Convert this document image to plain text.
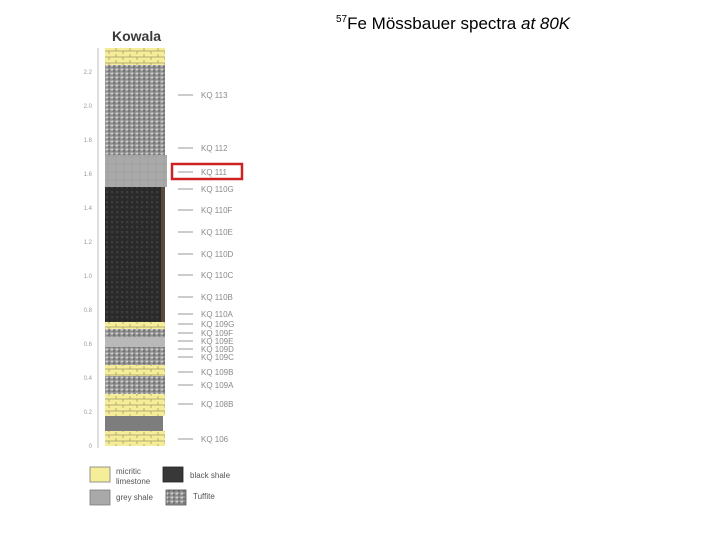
$^{57}$Fe Mössbauer spectra at 80K
Kowala
2.2
2.0
1.8
1.6
1.4
1.2
1.0
0.8
0.6
0.4
0.2
0
KQ 113
KQ 112
KQ 111
KQ 110G
KQ 110F
KQ 110E
KQ 110D
KQ 110C
KQ 110B
KQ 110A
KQ 109G
KQ 109F
KQ 109E
KQ 109D
KQ 109C
KQ 109B
KQ 109A
KQ 108B
KQ 106
micritic
limestone
black shale
grey shale	Tuffite
